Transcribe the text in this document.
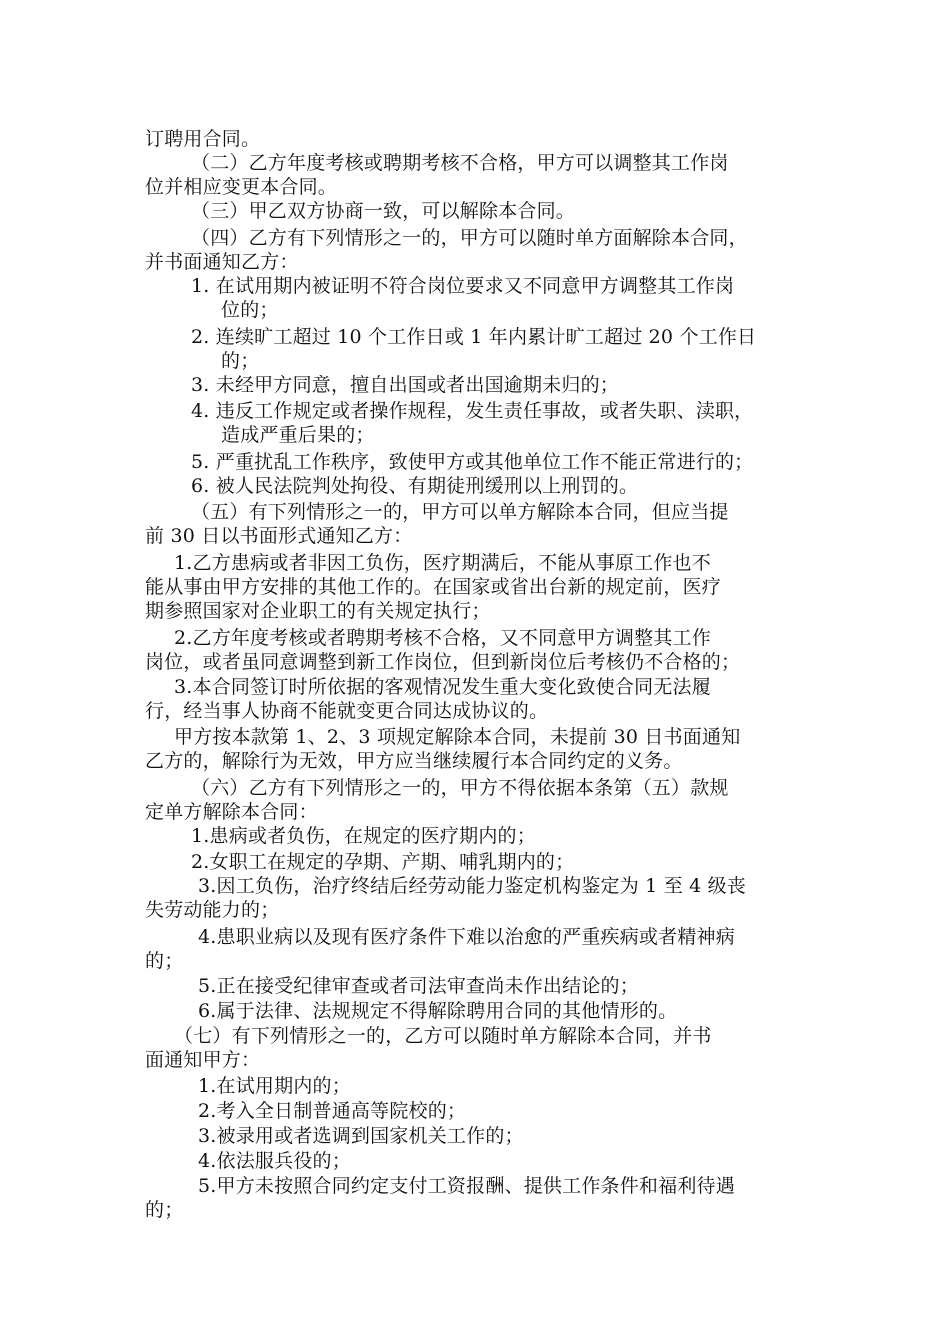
订聘用合同。
（二）乙方年度考核或聘期考核不合格，甲方可以调整其工作岗
位并相应变更本合同。
（三）甲乙双方协商一致，可以解除本合同。
（四）乙方有下列情形之一的，甲方可以随时单方面解除本合同，
并书面通知乙方：
1. 在试用期内被证明不符合岗位要求又不同意甲方调整其工作岗
位的；
2. 连续旷工超过 10 个工作日或 1 年内累计旷工超过 20 个工作日
的；
3. 未经甲方同意，擅自出国或者出国逾期未归的；
4. 违反工作规定或者操作规程，发生责任事故，或者失职、渎职，
造成严重后果的；
5. 严重扰乱工作秩序，致使甲方或其他单位工作不能正常进行的；
6. 被人民法院判处拘役、有期徒刑缓刑以上刑罚的。
（五）有下列情形之一的，甲方可以单方解除本合同，但应当提
前 30 日以书面形式通知乙方：
1.乙方患病或者非因工负伤，医疗期满后，不能从事原工作也不
能从事由甲方安排的其他工作的。在国家或省出台新的规定前，医疗
期参照国家对企业职工的有关规定执行；
2.乙方年度考核或者聘期考核不合格，又不同意甲方调整其工作
岗位，或者虽同意调整到新工作岗位，但到新岗位后考核仍不合格的；
3.本合同签订时所依据的客观情况发生重大变化致使合同无法履
行，经当事人协商不能就变更合同达成协议的。
甲方按本款第 1、2、3 项规定解除本合同，未提前 30 日书面通知
乙方的，解除行为无效，甲方应当继续履行本合同约定的义务。
（六）乙方有下列情形之一的，甲方不得依据本条第（五）款规
定单方解除本合同：
1.患病或者负伤，在规定的医疗期内的；
2.女职工在规定的孕期、产期、哺乳期内的；
3.因工负伤，治疗终结后经劳动能力鉴定机构鉴定为 1 至 4 级丧
失劳动能力的；
4.患职业病以及现有医疗条件下难以治愈的严重疾病或者精神病
的；
5.正在接受纪律审查或者司法审查尚未作出结论的；
6.属于法律、法规规定不得解除聘用合同的其他情形的。
（七）有下列情形之一的，乙方可以随时单方解除本合同，并书
面通知甲方：
1.在试用期内的；
2.考入全日制普通高等院校的；
3.被录用或者选调到国家机关工作的；
4.依法服兵役的；
5.甲方未按照合同约定支付工资报酬、提供工作条件和福利待遇
的；
